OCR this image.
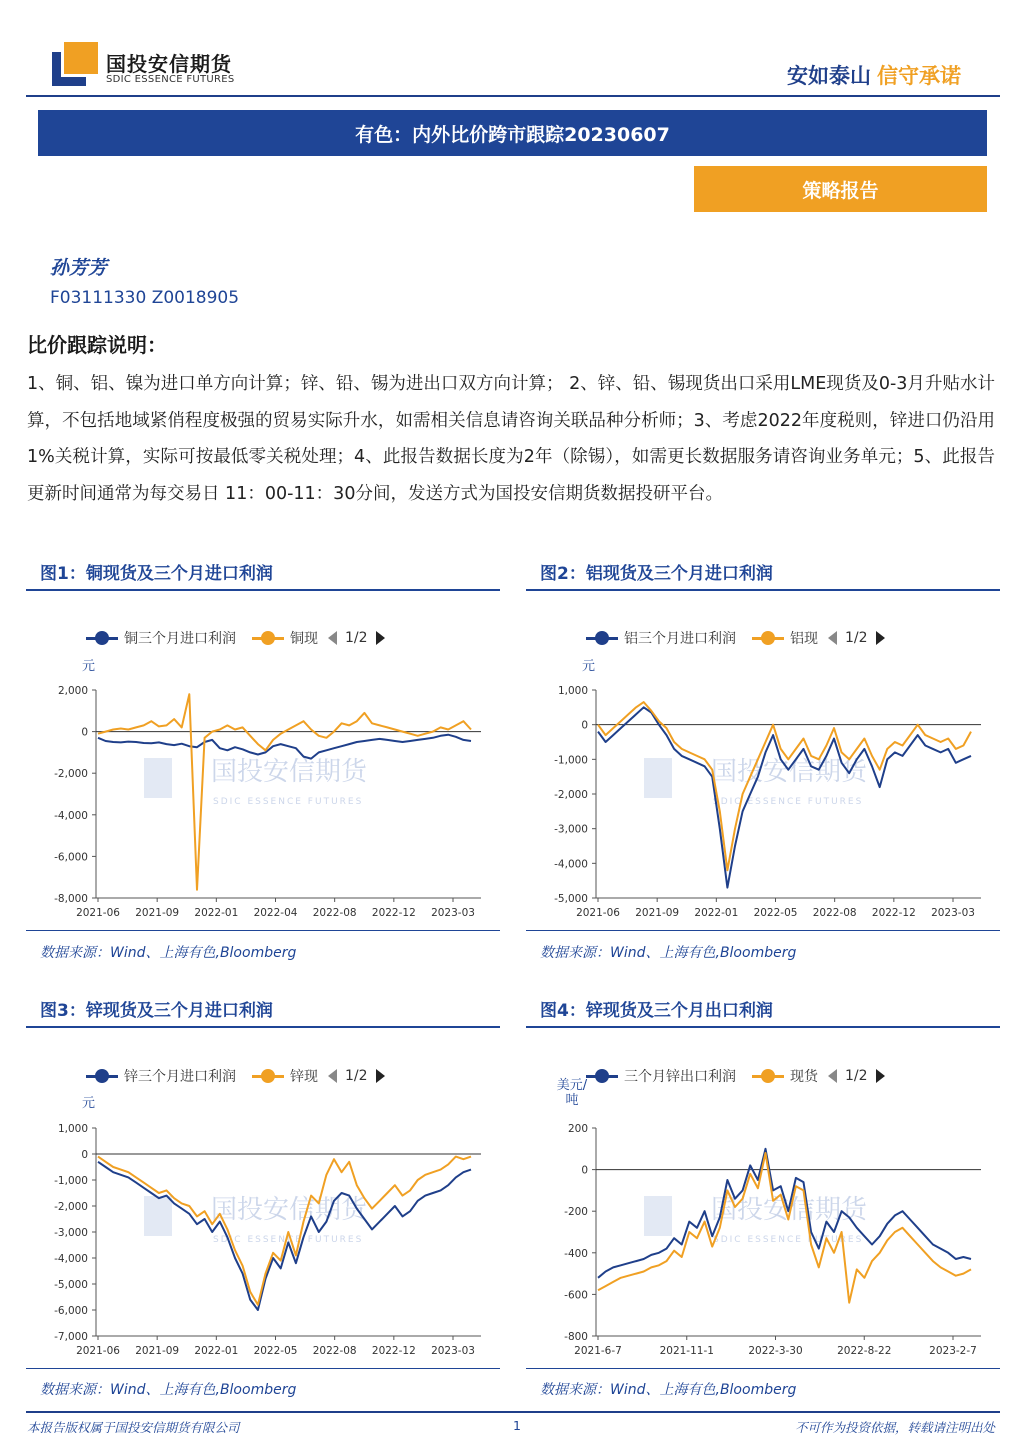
国投安信期货
SDIC ESSENCE FUTURES	安如泰山 信守承诺
有色：内外比价跨市跟踪20230607
策略报告
孙芳芳
F03111330 Z0018905
比价跟踪说明：
1、铜、铝、镍为进口单方向计算；锌、铅、锡为进出口双方向计算； 2、锌、铅、锡现货出口采用LME现货及0-3月升贴水计算，不包括地域紧俏程度极强的贸易实际升水，如需相关信息请咨询关联品种分析师；3、考虑2022年度税则，锌进口仍沿用1%关税计算，实际可按最低零关税处理；4、此报告数据长度为2年（除锡），如需更长数据服务请咨询业务单元；5、此报告更新时间通常为每交易日 11：00-11：30分间，发送方式为国投安信期货数据投研平台。
图1：铜现货及三个月进口利润
铜三个月进口利润	铜现 1/2
元
国投安信期货
SDIC ESSENCE FUTURES
2,000
0
-2,000
-4,000
-6,000
-8,000
2021-06 2021-09 2022-01 2022-04 2022-08 2022-12 2023-03
数据来源：Wind、上海有色,Bloomberg
图2：铝现货及三个月进口利润
铝三个月进口利润	铝现 1/2
元
国投安信期货
SDIC ESSENCE FUTURES
1,000
0
-1,000
-2,000
-3,000
-4,000
-5,000
2021-06 2021-09 2022-01 2022-05 2022-08 2022-12 2023-03
数据来源：Wind、上海有色,Bloomberg
图3：锌现货及三个月进口利润
锌三个月进口利润	锌现 1/2
元
国投安信期货
SDIC ESSENCE FUTURES
1,000
0
-1,000
-2,000
-3,000
-4,000
-5,000
-6,000
-7,000
2021-06 2021-09 2022-01 2022-05 2022-08 2022-12 2023-03
数据来源：Wind、上海有色,Bloomberg
图4：锌现货及三个月出口利润
三个月锌出口利润	现货 1/2
美元/吨
国投安信期货
SDIC ESSENCE FUTURES
200
0
-200
-400
-600
-800
2021-6-7	2021-11-1	2022-3-30	2022-8-22	2023-2-7
数据来源：Wind、上海有色,Bloomberg
本报告版权属于国投安信期货有限公司	1	不可作为投资依据，转载请注明出处
